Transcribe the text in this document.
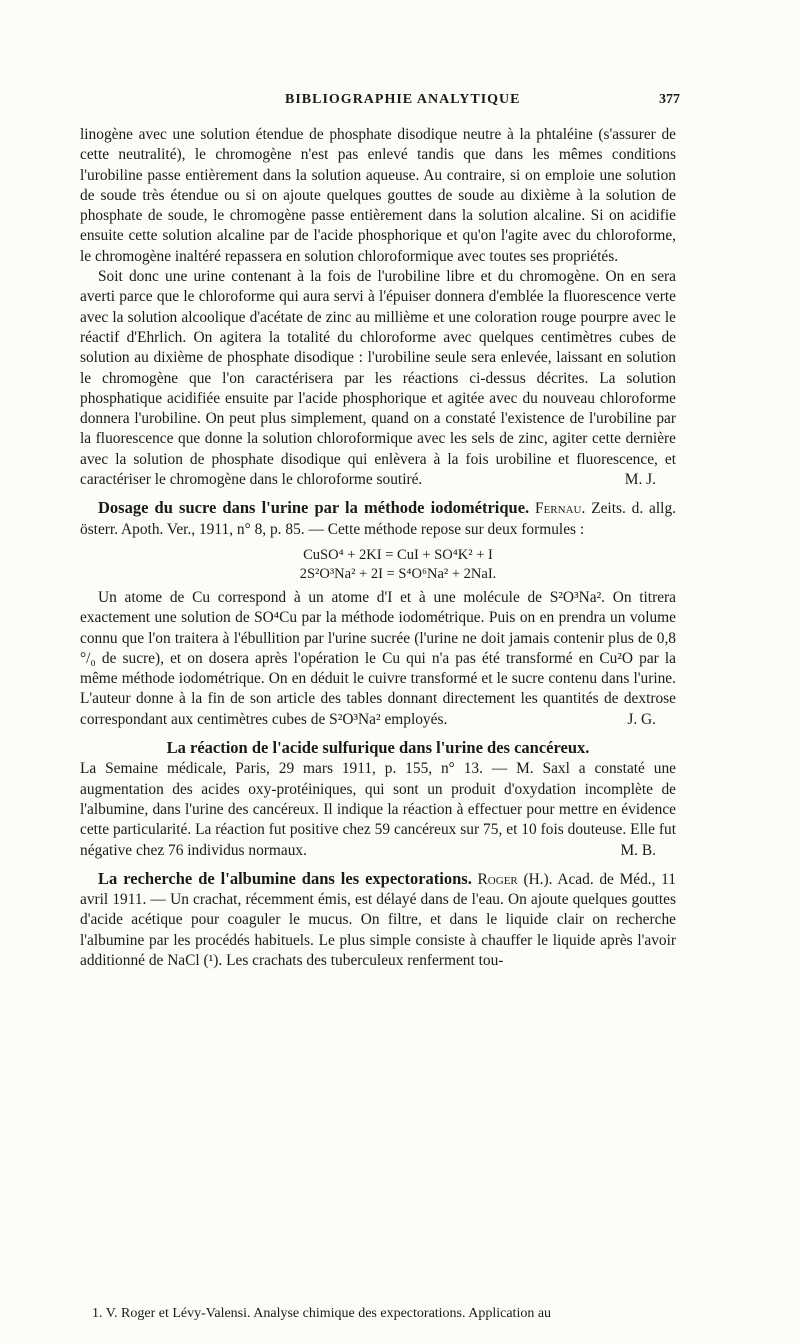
BIBLIOGRAPHIE ANALYTIQUE	377

linogène avec une solution étendue de phosphate disodique neutre à la phtaléine (s'assurer de cette neutralité), le chromogène n'est pas enlevé tandis que dans les mêmes conditions l'urobiline passe entièrement dans la solution aqueuse. Au contraire, si on emploie une solution de soude très étendue ou si on ajoute quelques gouttes de soude au dixième à la solution de phosphate de soude, le chromogène passe entièrement dans la solution alcaline. Si on acidifie ensuite cette solution alcaline par de l'acide phosphorique et qu'on l'agite avec du chloroforme, le chromogène inaltéré repassera en solution chloroformique avec toutes ses propriétés.

Soit donc une urine contenant à la fois de l'urobiline libre et du chromogène. On en sera averti parce que le chloroforme qui aura servi à l'épuiser donnera d'emblée la fluorescence verte avec la solution alcoolique d'acétate de zinc au millième et une coloration rouge pourpre avec le réactif d'Ehrlich. On agitera la totalité du chloroforme avec quelques centimètres cubes de solution au dixième de phosphate disodique : l'urobiline seule sera enlevée, laissant en solution le chromogène que l'on caractérisera par les réactions ci-dessus décrites. La solution phosphatique acidifiée ensuite par l'acide phosphorique et agitée avec du nouveau chloroforme donnera l'urobiline. On peut plus simplement, quand on a constaté l'existence de l'urobiline par la fluorescence que donne la solution chloroformique avec les sels de zinc, agiter cette dernière avec la solution de phosphate disodique qui enlèvera à la fois urobiline et fluorescence, et caractériser le chromogène dans le chloroforme soutiré.	M. J.

Dosage du sucre dans l'urine par la méthode iodométrique. Fernau. Zeits. d. allg. österr. Apoth. Ver., 1911, n° 8, p. 85. — Cette méthode repose sur deux formules :

CuSO⁴ + 2KI = CuI + SO⁴K² + I
2S²O³Na² + 2I = S⁴O⁶Na² + 2NaI.

Un atome de Cu correspond à un atome d'I et à une molécule de S²O³Na². On titrera exactement une solution de SO⁴Cu par la méthode iodométrique. Puis on en prendra un volume connu que l'on traitera à l'ébullition par l'urine sucrée (l'urine ne doit jamais contenir plus de 0,8 °/₀ de sucre), et on dosera après l'opération le Cu qui n'a pas été transformé en Cu²O par la même méthode iodométrique. On en déduit le cuivre transformé et le sucre contenu dans l'urine. L'auteur donne à la fin de son article des tables donnant directement les quantités de dextrose correspondant aux centimètres cubes de S²O³Na² employés.	J. G.

La réaction de l'acide sulfurique dans l'urine des cancéreux.

La Semaine médicale, Paris, 29 mars 1911, p. 155, n° 13. — M. Saxl a constaté une augmentation des acides oxy-protéiniques, qui sont un produit d'oxydation incomplète de l'albumine, dans l'urine des cancéreux. Il indique la réaction à effectuer pour mettre en évidence cette particularité. La réaction fut positive chez 59 cancéreux sur 75, et 10 fois douteuse. Elle fut négative chez 76 individus normaux.	M. B.

La recherche de l'albumine dans les expectorations. Roger (H.). Acad. de Méd., 11 avril 1911. — Un crachat, récemment émis, est délayé dans de l'eau. On ajoute quelques gouttes d'acide acétique pour coaguler le mucus. On filtre, et dans le liquide clair on recherche l'albumine par les procédés habituels. Le plus simple consiste à chauffer le liquide après l'avoir additionné de NaCl (¹). Les crachats des tuberculeux renferment tou-

1. V. Roger et Lévy-Valensi. Analyse chimique des expectorations. Application au
